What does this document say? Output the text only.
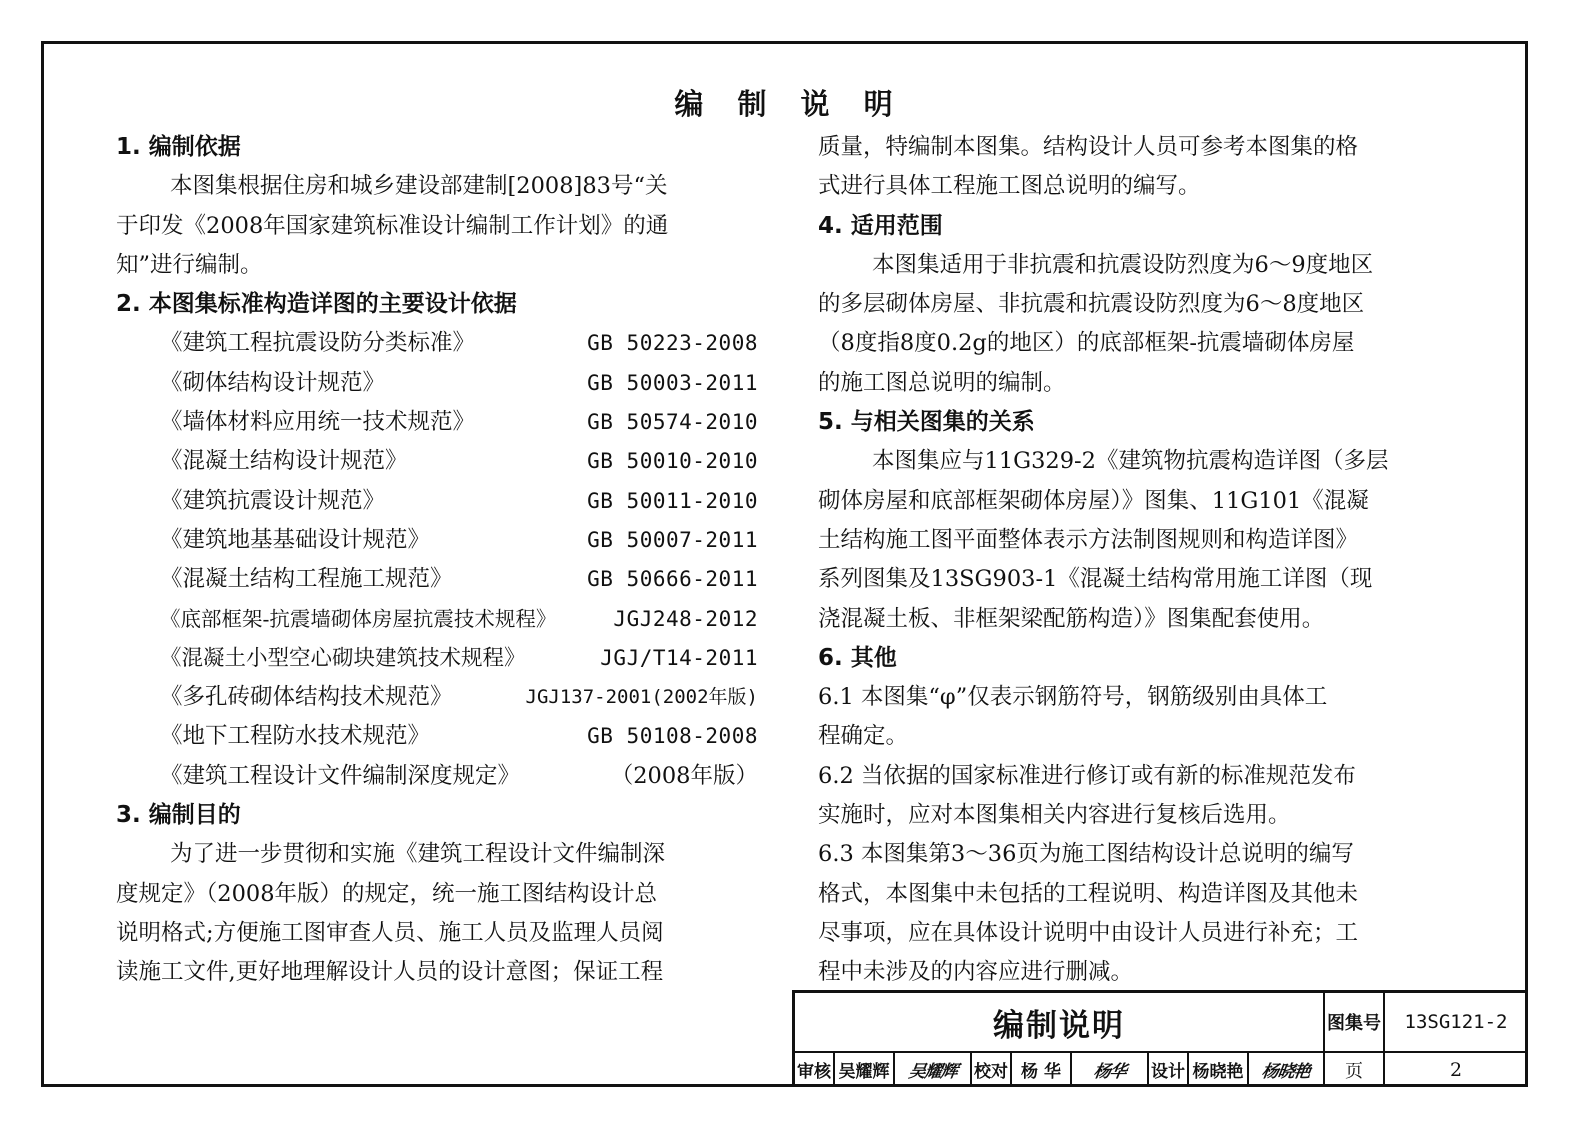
编 制 说 明

1. 编制依据

本图集根据住房和城乡建设部建制[2008]83号“关

于印发《2008年国家建筑标准设计编制工作计划》的通

知”进行编制。

2. 本图集标准构造详图的主要设计依据

《建筑工程抗震设防分类标准》	GB 50223-2008
《砌体结构设计规范》	GB 50003-2011
《墙体材料应用统一技术规范》	GB 50574-2010
《混凝土结构设计规范》	GB 50010-2010
《建筑抗震设计规范》	GB 50011-2010
《建筑地基基础设计规范》	GB 50007-2011
《混凝土结构工程施工规范》	GB 50666-2011
《底部框架-抗震墙砌体房屋抗震技术规程》	JGJ248-2012
《混凝土小型空心砌块建筑技术规程》	JGJ/T14-2011
《多孔砖砌体结构技术规范》	JGJ137-2001(2002年版)
《地下工程防水技术规范》	GB 50108-2008
《建筑工程设计文件编制深度规定》	（2008年版）

3. 编制目的

为了进一步贯彻和实施《建筑工程设计文件编制深

度规定》（2008年版）的规定，统一施工图结构设计总

说明格式;方便施工图审查人员、施工人员及监理人员阅

读施工文件,更好地理解设计人员的设计意图；保证工程

质量，特编制本图集。结构设计人员可参考本图集的格

式进行具体工程施工图总说明的编写。

4. 适用范围

本图集适用于非抗震和抗震设防烈度为6～9度地区

的多层砌体房屋、非抗震和抗震设防烈度为6～8度地区

（8度指8度0.2g的地区）的底部框架-抗震墙砌体房屋

的施工图总说明的编制。

5. 与相关图集的关系

本图集应与11G329-2《建筑物抗震构造详图（多层

砌体房屋和底部框架砌体房屋）》图集、11G101《混凝

土结构施工图平面整体表示方法制图规则和构造详图》

系列图集及13SG903-1《混凝土结构常用施工详图（现

浇混凝土板、非框架梁配筋构造）》图集配套使用。

6. 其他

6.1 本图集“φ”仅表示钢筋符号，钢筋级别由具体工

程确定。

6.2 当依据的国家标准进行修订或有新的标准规范发布

实施时，应对本图集相关内容进行复核后选用。

6.3 本图集第3～36页为施工图结构设计总说明的编写

格式，本图集中未包括的工程说明、构造详图及其他未

尽事项，应在具体设计说明中由设计人员进行补充；工

程中未涉及的内容应进行删减。

编制说明	图集号	13SG121-2
审核 吴耀辉	吴耀辉 校对 杨 华	杨华 设计 杨晓艳 杨晓艳	页	2
